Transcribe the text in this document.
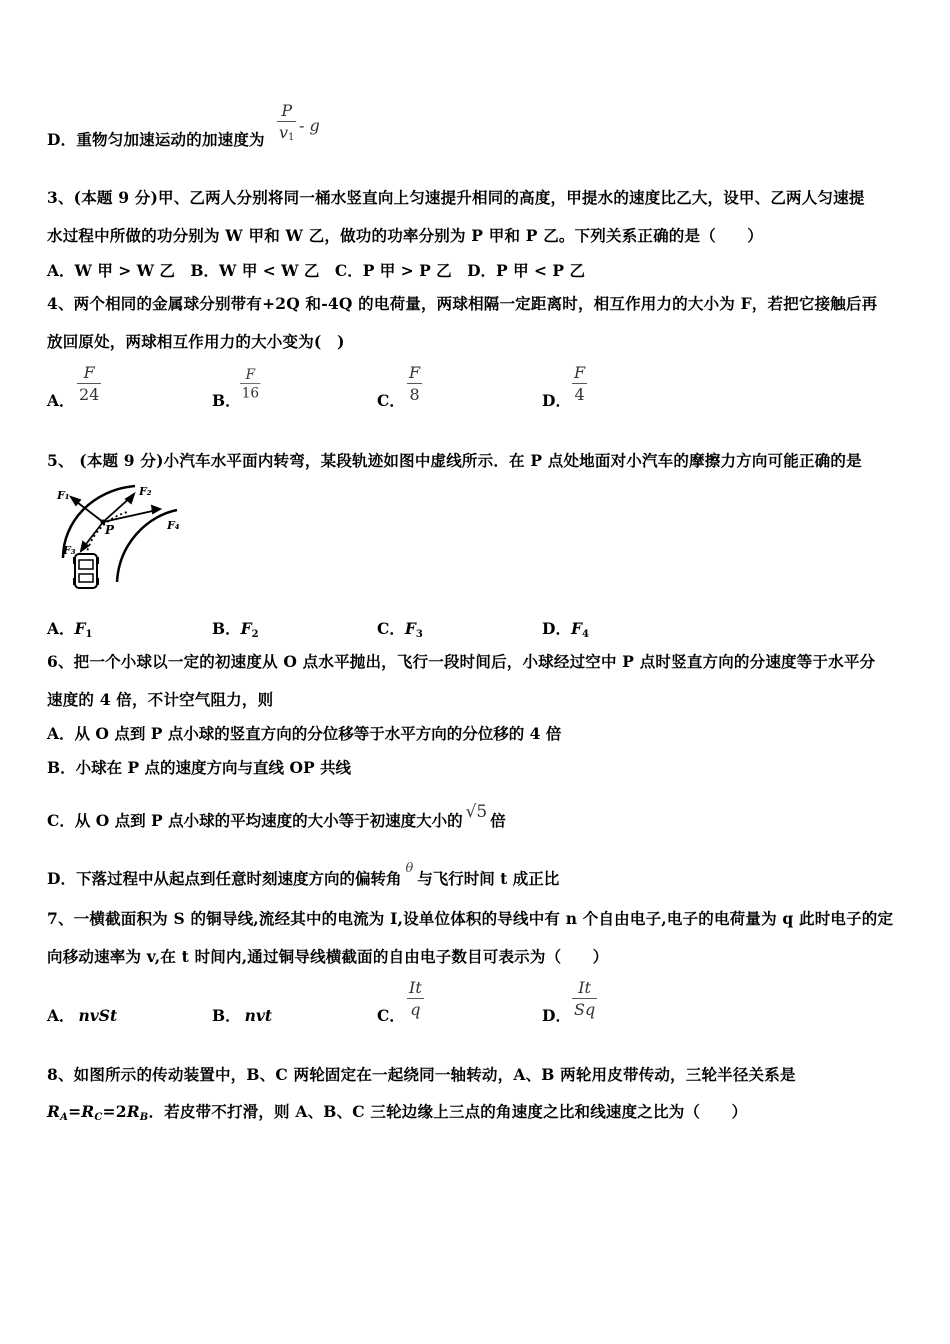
D．重物匀加速运动的加速度为
P
$v_1$
- g
3、(本题 9 分)甲、乙两人分别将同一桶水竖直向上匀速提升相同的高度，甲提水的速度比乙大，设甲、乙两人匀速提
水过程中所做的功分别为 W 甲和 W 乙，做功的功率分别为 P 甲和 P 乙。下列关系正确的是（　　）
A．W 甲 > W 乙　B．W 甲 < W 乙　C．P 甲 > P 乙　D．P 甲 < P 乙
4、两个相同的金属球分别带有+2Q 和-4Q 的电荷量，两球相隔一定距离时，相互作用力的大小为 F，若把它接触后再
放回原处，两球相互作用力的大小变为(　)
A．
F
24	B．
F
16	C．
F
8	D．
F
4
5、 (本题 9 分)小汽车水平面内转弯，某段轨迹如图中虚线所示．在 P 点处地面对小汽车的摩擦力方向可能正确的是
F₁	F₂
F₄
F₃
P
A．F1	B．F2	C．F3	D．F4
6、把一个小球以一定的初速度从 O 点水平抛出，飞行一段时间后，小球经过空中 P 点时竖直方向的分速度等于水平分
速度的 4 倍，不计空气阻力，则
A．从 O 点到 P 点小球的竖直方向的分位移等于水平方向的分位移的 4 倍
B．小球在 P 点的速度方向与直线 OP 共线
C．从 O 点到 P 点小球的平均速度的大小等于初速度大小的 √5 倍
D．下落过程中从起点到任意时刻速度方向的偏转角θ与飞行时间 t 成正比
7、一横截面积为 S 的铜导线,流经其中的电流为 I,设单位体积的导线中有 n 个自由电子,电子的电荷量为 q 此时电子的定
向移动速率为 v,在 t 时间内,通过铜导线横截面的自由电子数目可表示为（　　）
A． nvSt	B． nvt	C．
It
q	D．
It
Sq
8、如图所示的传动装置中，B、C 两轮固定在一起绕同一轴转动，A、B 两轮用皮带传动，三轮半径关系是
RA=RC=2RB．若皮带不打滑，则 A、B、C 三轮边缘上三点的角速度之比和线速度之比为（　　）
